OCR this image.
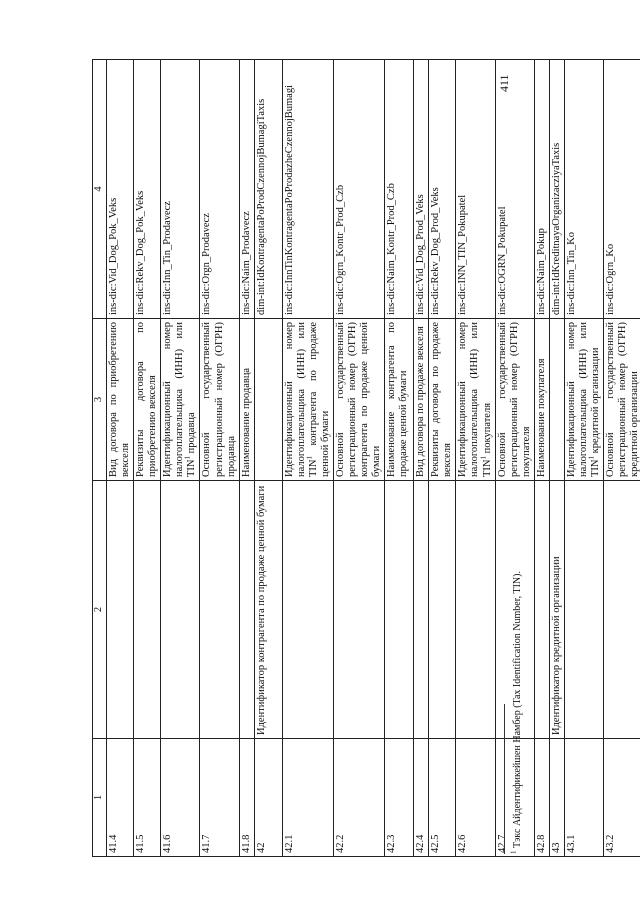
1	2	3	4
41.4		Вид договора по приобретению векселя	ins-dic:Vid_Dog_Pok_Veks
41.5		Реквизиты договора по приобретению векселя	ins-dic:Rekv_Dog_Pok_Veks
41.6		Идентификационный номер налогоплательщика (ИНН) или TIN$^1$ продавца	ins-dic:Inn_Tin_Prodavecz
41.7		Основной государственный регистрационный номер (ОГРН) продавца	ins-dic:Orgn_Prodavecz
41.8		Наименование продавца	ins-dic:Naim_Prodavecz
42	Идентификатор контрагента по продаже ценной бумаги		dim-int:IdKontragentaPoProdCzennojBumagiTaxis
42.1		Идентификационный номер налогоплательщика (ИНН) или TIN$^1$ контрагента по продаже ценной бумаги	ins-dic:InnTinKontragentaPoProdazheCzennojBumagi
42.2		Основной государственный регистрационный номер (ОГРН) контрагента по продаже ценной бумаги	ins-dic:Ogrn_Kontr_Prod_Czb
42.3		Наименование контрагента по продаже ценной бумаги	ins-dic:Naim_Kontr_Prod_Czb
42.4		Вид договора по продаже векселя	ins-dic:Vid_Dog_Prod_Veks
42.5		Реквизиты договора по продаже векселя	ins-dic:Rekv_Dog_Prod_Veks
42.6		Идентификационный номер налогоплательщика (ИНН) или TIN$^1$ покупателя	ins-dic:INN_TIN_Pokupatel
42.7		Основной государственный регистрационный номер (ОГРН) покупателя	ins-dic:OGRN_Pokupatel
42.8		Наименование покупателя	ins-dic:Naim_Pokup
43	Идентификатор кредитной организации		dim-int:IdKreditnayaOrganizacziyaTaxis
43.1		Идентификационный номер налогоплательщика (ИНН) или TIN$^1$ кредитной организации	ins-dic:Inn_Tin_Ko
43.2		Основной государственный регистрационный номер (ОГРН) кредитной организации	ins-dic:Ogrn_Ko
$^1$ Тэкс Айдентификейшен Намбер (Tax Identification Number, TIN).
411
